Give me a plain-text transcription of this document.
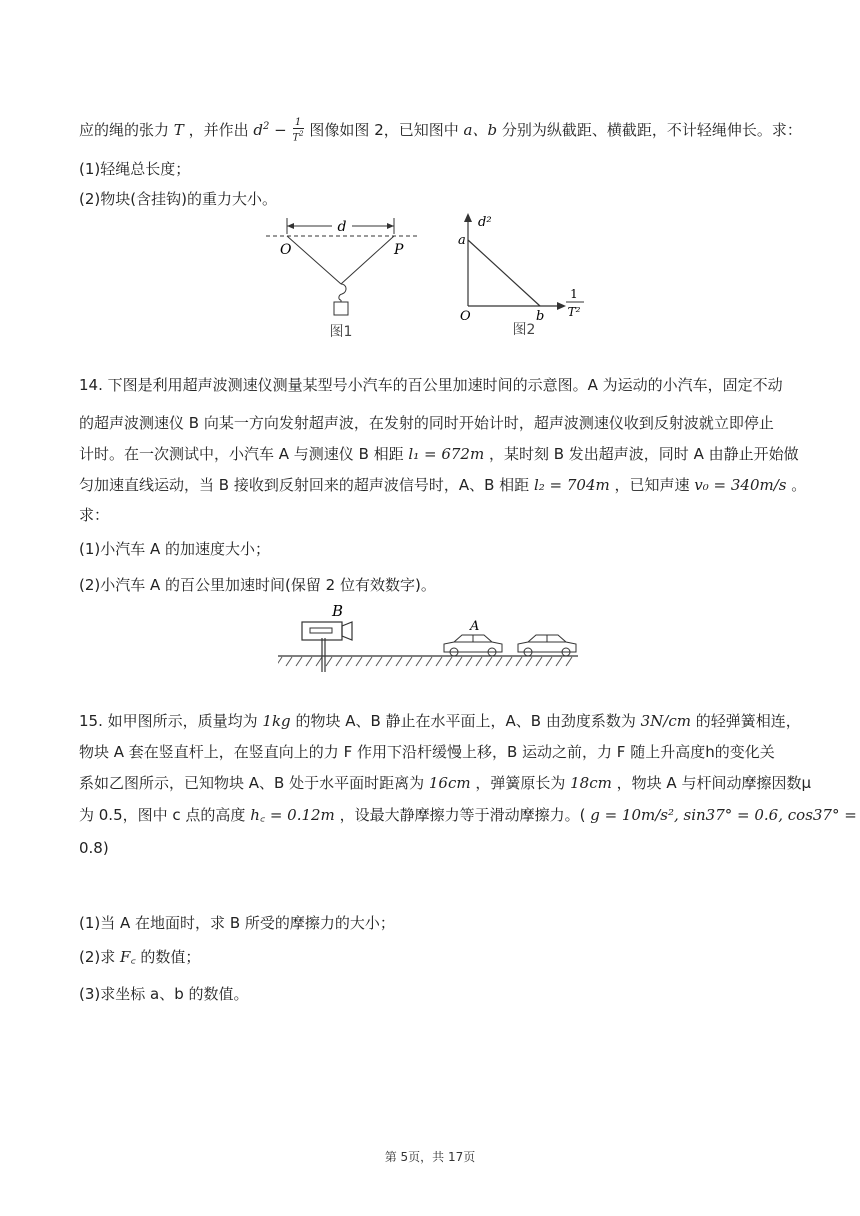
应的绳的张力 T ，并作出 $d^2 - \frac{1}{T^2}$ 图像如图 2，已知图中 a、b 分别为纵截距、横截距，不计轻绳伸长。求：
(1)轻绳总长度；
(2)物块(含挂钩)的重力大小。
d
O	P
图1
d²
a
O	b
1
T²
图2
14. 下图是利用超声波测速仪测量某型号小汽车的百公里加速时间的示意图。A 为运动的小汽车，固定不动
的超声波测速仪 B 向某一方向发射超声波，在发射的同时开始计时，超声波测速仪收到反射波就立即停止
计时。在一次测试中，小汽车 A 与测速仪 B 相距 l₁ = 672m ，某时刻 B 发出超声波，同时 A 由静止开始做
匀加速直线运动，当 B 接收到反射回来的超声波信号时，A、B 相距 l₂ = 704m ，已知声速 v₀ = 340m/s 。
求：
(1)小汽车 A 的加速度大小；
(2)小汽车 A 的百公里加速时间(保留 2 位有效数字)。
B
A
15. 如甲图所示，质量均为 1kg 的物块 A、B 静止在水平面上，A、B 由劲度系数为 3N/cm 的轻弹簧相连，
物块 A 套在竖直杆上，在竖直向上的力 F 作用下沿杆缓慢上移，B 运动之前，力 F 随上升高度h的变化关
系如乙图所示，已知物块 A、B 处于水平面时距离为 16cm ，弹簧原长为 18cm ，物块 A 与杆间动摩擦因数μ
为 0.5，图中 c 点的高度 h꜀ = 0.12m ，设最大静摩擦力等于滑动摩擦力。( g = 10m/s², sin37° = 0.6, cos37° =
0.8)
(1)当 A 在地面时，求 B 所受的摩擦力的大小；
(2)求 F꜀ 的数值；
(3)求坐标 a、b 的数值。
第 5页，共 17页
